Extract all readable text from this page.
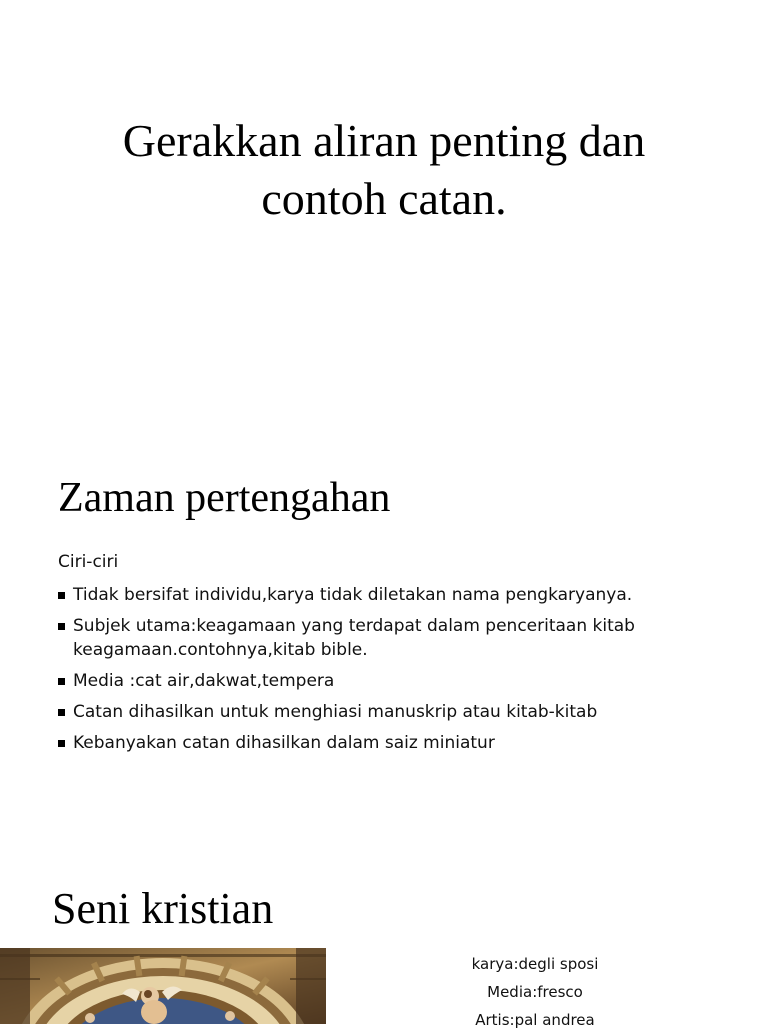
Gerakkan aliran penting dan
contoh catan.
Zaman pertengahan
Ciri-ciri
Tidak bersifat individu,karya tidak diletakan nama pengkaryanya.
Subjek utama:keagamaan yang terdapat dalam penceritaan kitab keagamaan.contohnya,kitab bible.
Media :cat air,dakwat,tempera
Catan dihasilkan untuk menghiasi manuskrip atau kitab-kitab
Kebanyakan catan dihasilkan dalam saiz miniatur
Seni kristian
karya:degli sposi
Media:fresco
Artis:pal andrea
